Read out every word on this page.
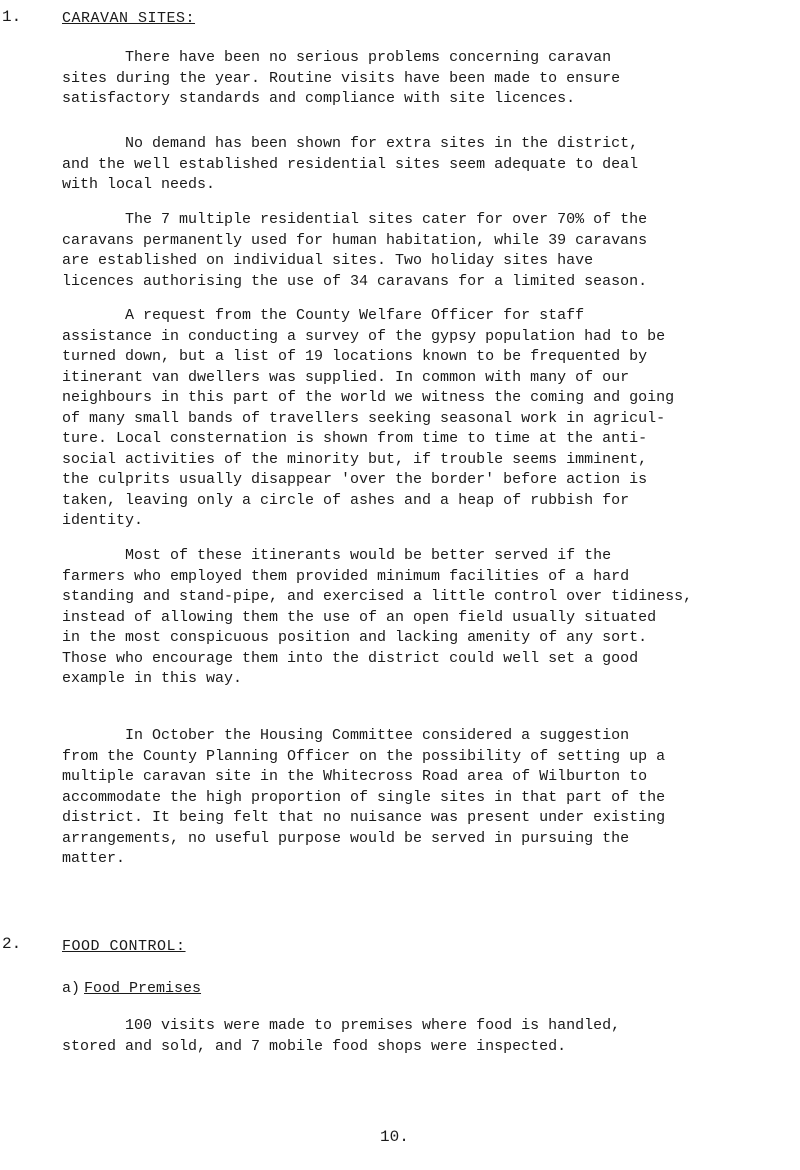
1.	CARAVAN SITES:

There have been no serious problems concerning caravan
sites during the year. Routine visits have been made to ensure
satisfactory standards and compliance with site licences.

No demand has been shown for extra sites in the district,
and the well established residential sites seem adequate to deal
with local needs.

The 7 multiple residential sites cater for over 70% of the
caravans permanently used for human habitation, while 39 caravans
are established on individual sites. Two holiday sites have
licences authorising the use of 34 caravans for a limited season.

A request from the County Welfare Officer for staff
assistance in conducting a survey of the gypsy population had to be
turned down, but a list of 19 locations known to be frequented by
itinerant van dwellers was supplied. In common with many of our
neighbours in this part of the world we witness the coming and going
of many small bands of travellers seeking seasonal work in agricul-
ture. Local consternation is shown from time to time at the anti-
social activities of the minority but, if trouble seems imminent,
the culprits usually disappear 'over the border' before action is
taken, leaving only a circle of ashes and a heap of rubbish for
identity.

Most of these itinerants would be better served if the
farmers who employed them provided minimum facilities of a hard
standing and stand-pipe, and exercised a little control over tidiness,
instead of allowing them the use of an open field usually situated
in the most conspicuous position and lacking amenity of any sort.
Those who encourage them into the district could well set a good
example in this way.

In October the Housing Committee considered a suggestion
from the County Planning Officer on the possibility of setting up a
multiple caravan site in the Whitecross Road area of Wilburton to
accommodate the high proportion of single sites in that part of the
district. It being felt that no nuisance was present under existing
arrangements, no useful purpose would be served in pursuing the
matter.

2.	FOOD CONTROL:
a) Food Premises

100 visits were made to premises where food is handled,
stored and sold, and 7 mobile food shops were inspected.

10.
